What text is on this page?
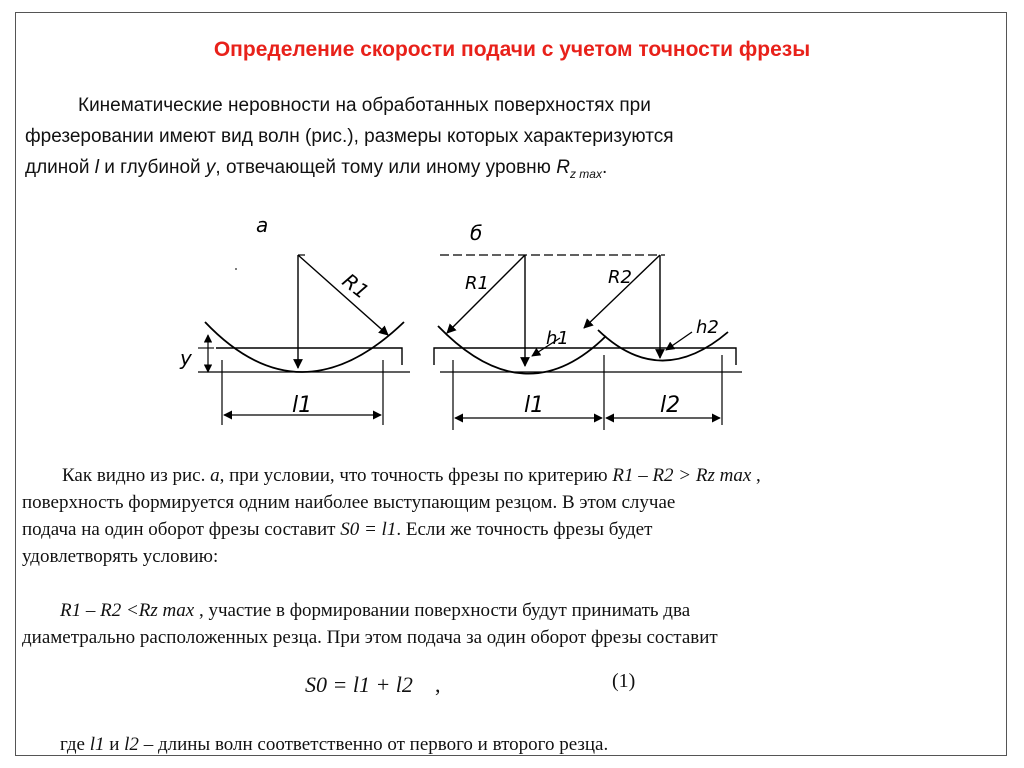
Определение скорости подачи с учетом точности фрезы
Кинематические неровности на обработанных поверхностях при
фрезеровании имеют вид волн (рис.), размеры которых характеризуются
длиной l и глубиной y, отвечающей тому или иному уровню $R_{z max}$.
а	б
R1
l1
y
R1	R2
h1
h2
l1	l2
Как видно из рис. а, при условии, что точность фрезы по критерию R1 – R2 > Rz max ,
поверхность формируется одним наиболее выступающим резцом. В этом случае
подача на один оборот фрезы составит S0 = l1. Если же точность фрезы будет
удовлетворять условию:
R1 – R2 <Rz max , участие в формировании поверхности будут принимать два
диаметрально расположенных резца. При этом подача за один оборот фрезы составит
S0 = l1 + l2 ,	(1)
где l1 и l2 – длины волн соответственно от первого и второго резца.
